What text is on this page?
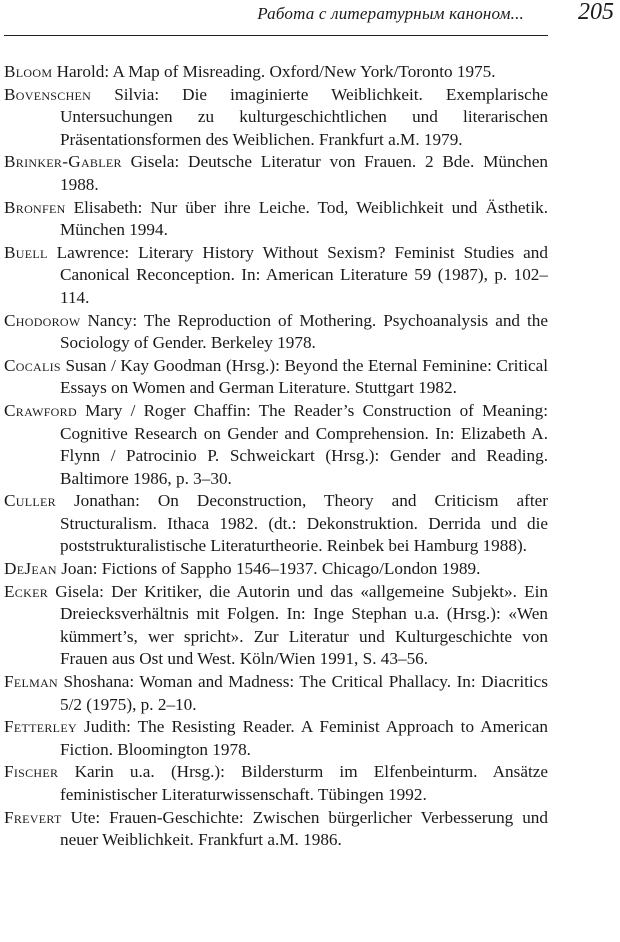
Работа с литературным каноном... 205
Bloom Harold: A Map of Misreading. Oxford/New York/Toronto 1975.
Bovenschen Silvia: Die imaginierte Weiblichkeit. Exemplarische Untersuchungen zu kulturgeschichtlichen und literarischen Präsentationsformen des Weiblichen. Frankfurt a.M. 1979.
Brinker-Gabler Gisela: Deutsche Literatur von Frauen. 2 Bde. München 1988.
Bronfen Elisabeth: Nur über ihre Leiche. Tod, Weiblichkeit und Ästhetik. München 1994.
Buell Lawrence: Literary History Without Sexism? Feminist Studies and Canonical Reconception. In: American Literature 59 (1987), p. 102–114.
Chodorow Nancy: The Reproduction of Mothering. Psychoanalysis and the Sociology of Gender. Berkeley 1978.
Cocalis Susan / Kay Goodman (Hrsg.): Beyond the Eternal Feminine: Critical Essays on Women and German Literature. Stuttgart 1982.
Crawford Mary / Roger Chaffin: The Reader’s Construction of Meaning: Cognitive Research on Gender and Comprehension. In: Elizabeth A. Flynn / Patrocinio P. Schweickart (Hrsg.): Gender and Reading. Baltimore 1986, p. 3–30.
Culler Jonathan: On Deconstruction, Theory and Criticism after Structuralism. Ithaca 1982. (dt.: Dekonstruktion. Derrida und die poststrukturalistische Literaturtheorie. Reinbek bei Hamburg 1988).
DeJean Joan: Fictions of Sappho 1546–1937. Chicago/London 1989.
Ecker Gisela: Der Kritiker, die Autorin und das «allgemeine Subjekt». Ein Dreiecksverhältnis mit Folgen. In: Inge Stephan u.a. (Hrsg.): «Wen kümmert’s, wer spricht». Zur Literatur und Kulturgeschichte von Frauen aus Ost und West. Köln/Wien 1991, S. 43–56.
Felman Shoshana: Woman and Madness: The Critical Phallacy. In: Diacritics 5/2 (1975), p. 2–10.
Fetterley Judith: The Resisting Reader. A Feminist Approach to American Fiction. Bloomington 1978.
Fischer Karin u.a. (Hrsg.): Bildersturm im Elfenbeinturm. Ansätze feministischer Literaturwissenschaft. Tübingen 1992.
Frevert Ute: Frauen-Geschichte: Zwischen bürgerlicher Verbesserung und neuer Weiblichkeit. Frankfurt a.M. 1986.
